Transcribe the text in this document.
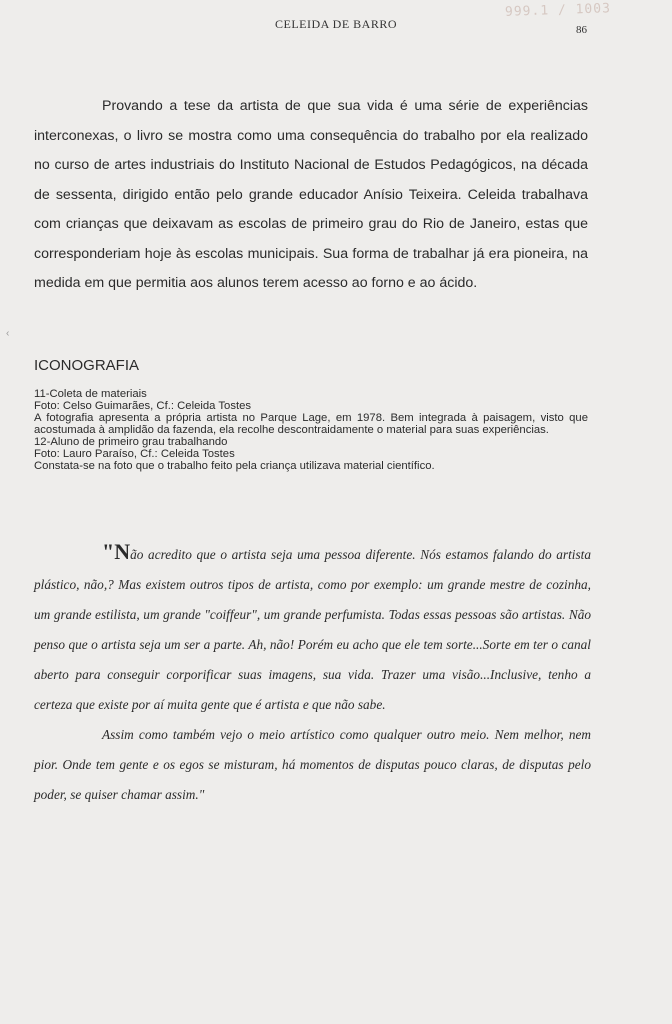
CELEIDA DE BARRO	86
999.1 / 1003
‹

Provando a tese da artista de que sua vida é uma série de experiências interconexas, o livro se mostra como uma consequência do trabalho por ela realizado no curso de artes industriais do Instituto Nacional de Estudos Pedagógicos, na década de sessenta, dirigido então pelo grande educador Anísio Teixeira. Celeida trabalhava com crianças que deixavam as escolas de primeiro grau do Rio de Janeiro, estas que corresponderiam hoje às escolas municipais. Sua forma de trabalhar já era pioneira, na medida em que permitia aos alunos terem acesso ao forno e ao ácido.

ICONOGRAFIA
11-Coleta de materiais
Foto: Celso Guimarães, Cf.: Celeida Tostes
A fotografia apresenta a própria artista no Parque Lage, em 1978. Bem integrada à paisagem, visto que acostumada à amplidão da fazenda, ela recolhe descontraidamente o material para suas experiências.
12-Aluno de primeiro grau trabalhando
Foto: Lauro Paraíso, Cf.: Celeida Tostes
Constata-se na foto que o trabalho feito pela criança utilizava material científico.

"Não acredito que o artista seja uma pessoa diferente. Nós estamos falando do artista plástico, não,? Mas existem outros tipos de artista, como por exemplo: um grande mestre de cozinha, um grande estilista, um grande "coiffeur", um grande perfumista. Todas essas pessoas são artistas. Não penso que o artista seja um ser a parte. Ah, não! Porém eu acho que ele tem sorte...Sorte em ter o canal aberto para conseguir corporificar suas imagens, sua vida. Trazer uma visão...Inclusive, tenho a certeza que existe por aí muita gente que é artista e que não sabe.

Assim como também vejo o meio artístico como qualquer outro meio. Nem melhor, nem pior. Onde tem gente e os egos se misturam, há momentos de disputas pouco claras, de disputas pelo poder, se quiser chamar assim."
